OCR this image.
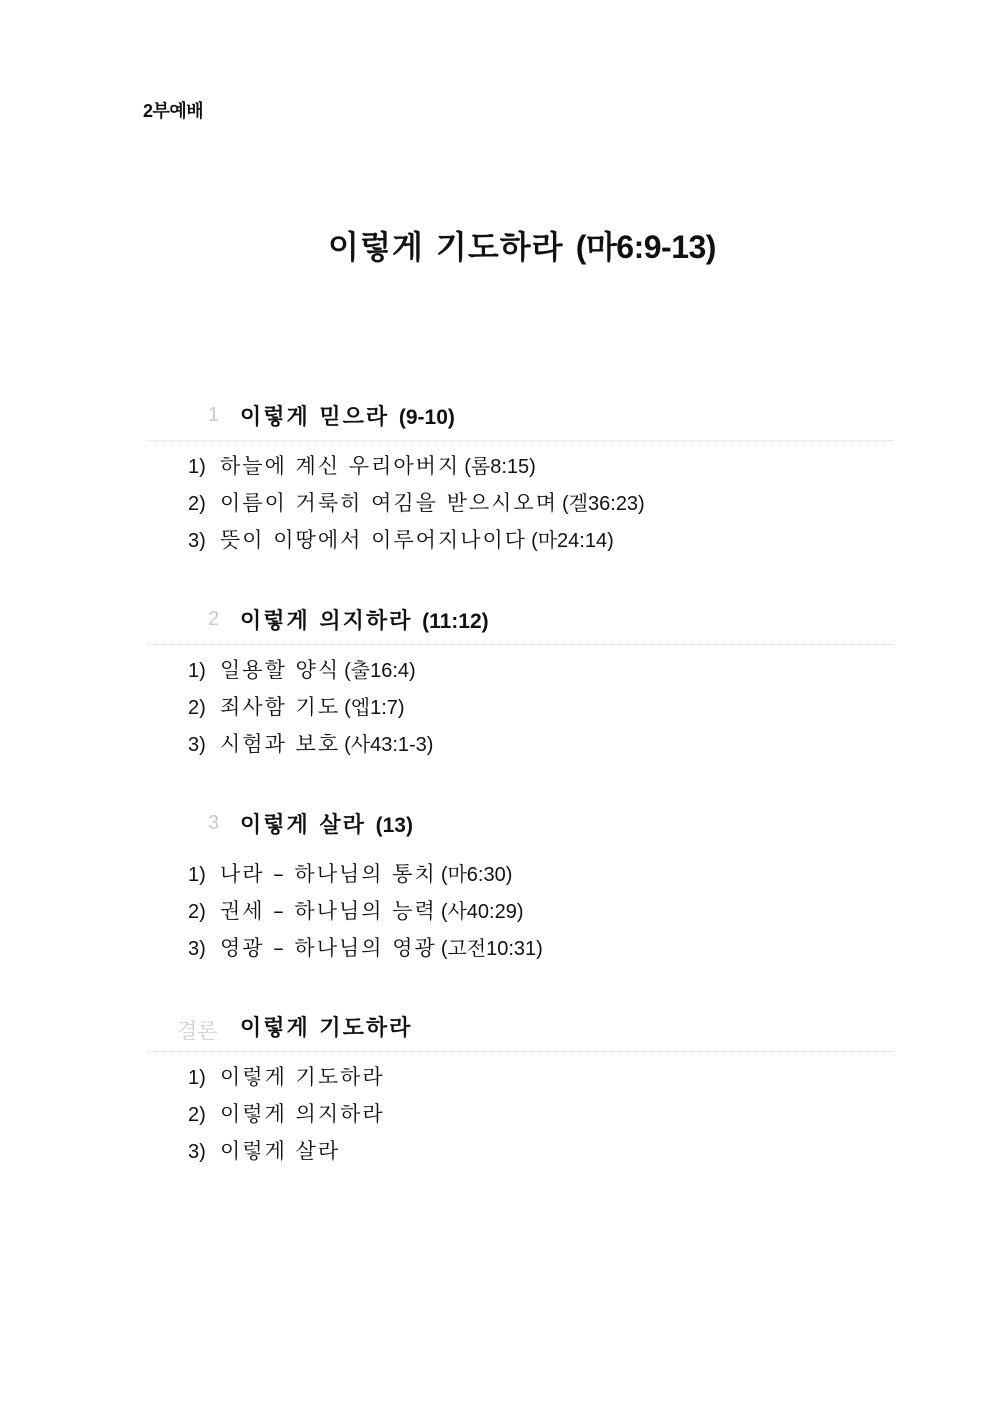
2부예배
이렇게 기도하라 (마6:9-13)
1 이렇게 믿으라 (9-10)
1) 하늘에 계신 우리아버지 (롬8:15)
2) 이름이 거룩히 여김을 받으시오며 (겔36:23)
3) 뜻이 이땅에서 이루어지나이다 (마24:14)
2 이렇게 의지하라 (11:12)
1) 일용할 양식 (출16:4)
2) 죄사함 기도 (엡1:7)
3) 시험과 보호 (사43:1-3)
3 이렇게 살라 (13)
1) 나라 – 하나님의 통치 (마6:30)
2) 권세 – 하나님의 능력 (사40:29)
3) 영광 – 하나님의 영광 (고전10:31)
결론 이렇게 기도하라
1) 이렇게 기도하라
2) 이렇게 의지하라
3) 이렇게 살라
